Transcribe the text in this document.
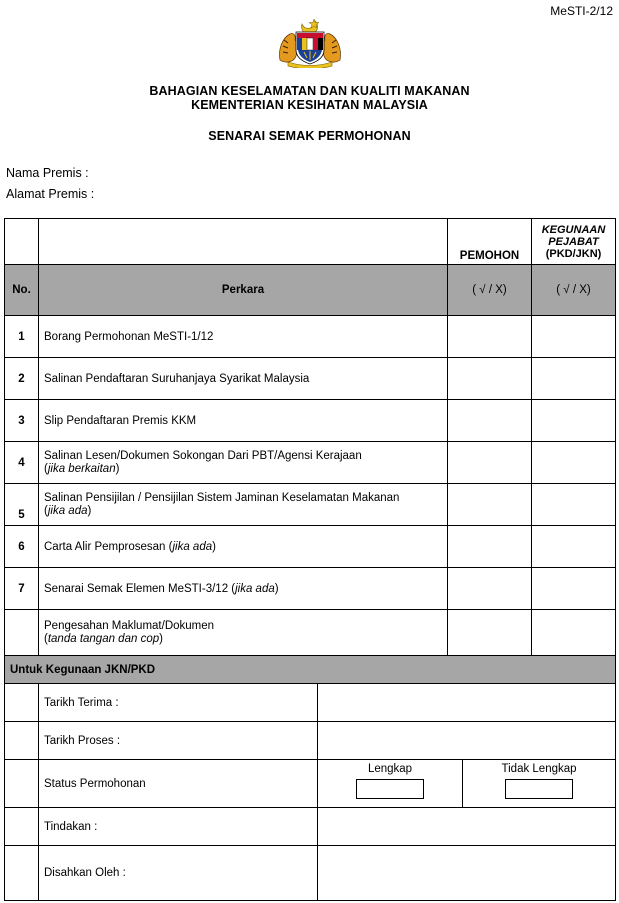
MeSTI-2/12
BAHAGIAN KESELAMATAN DAN KUALITI MAKANAN
KEMENTERIAN KESIHATAN MALAYSIA
SENARAI SEMAK PERMOHONAN
Nama Premis :
Alamat Premis :
		PEMOHON	KEGUNAAN
PEJABAT
(PKD/JKN)

No.	Perkara	( √ / X)	( √ / X)
1	Borang Permohonan MeSTI-1/12		
2	Salinan Pendaftaran Suruhanjaya Syarikat Malaysia		
3	Slip Pendaftaran Premis KKM		
4	Salinan Lesen/Dokumen Sokongan Dari PBT/Agensi Kerajaan
(jika berkaitan)		

5	Salinan Pensijilan / Pensijilan Sistem Jaminan Keselamatan Makanan
(jika ada)		

6	Carta Alir Pemprosesan (jika ada)		
7	Senarai Semak Elemen MeSTI-3/12 (jika ada)		

	Pengesahan Maklumat/Dokumen
(tanda tangan dan cop)		

Untuk Kegunaan JKN/PKD			
	Tarikh Terima :		
	Tarikh Proses :		
	Status Permohonan	Lengkap	Tidak Lengkap

	Tindakan :		
	Disahkan Oleh :		
